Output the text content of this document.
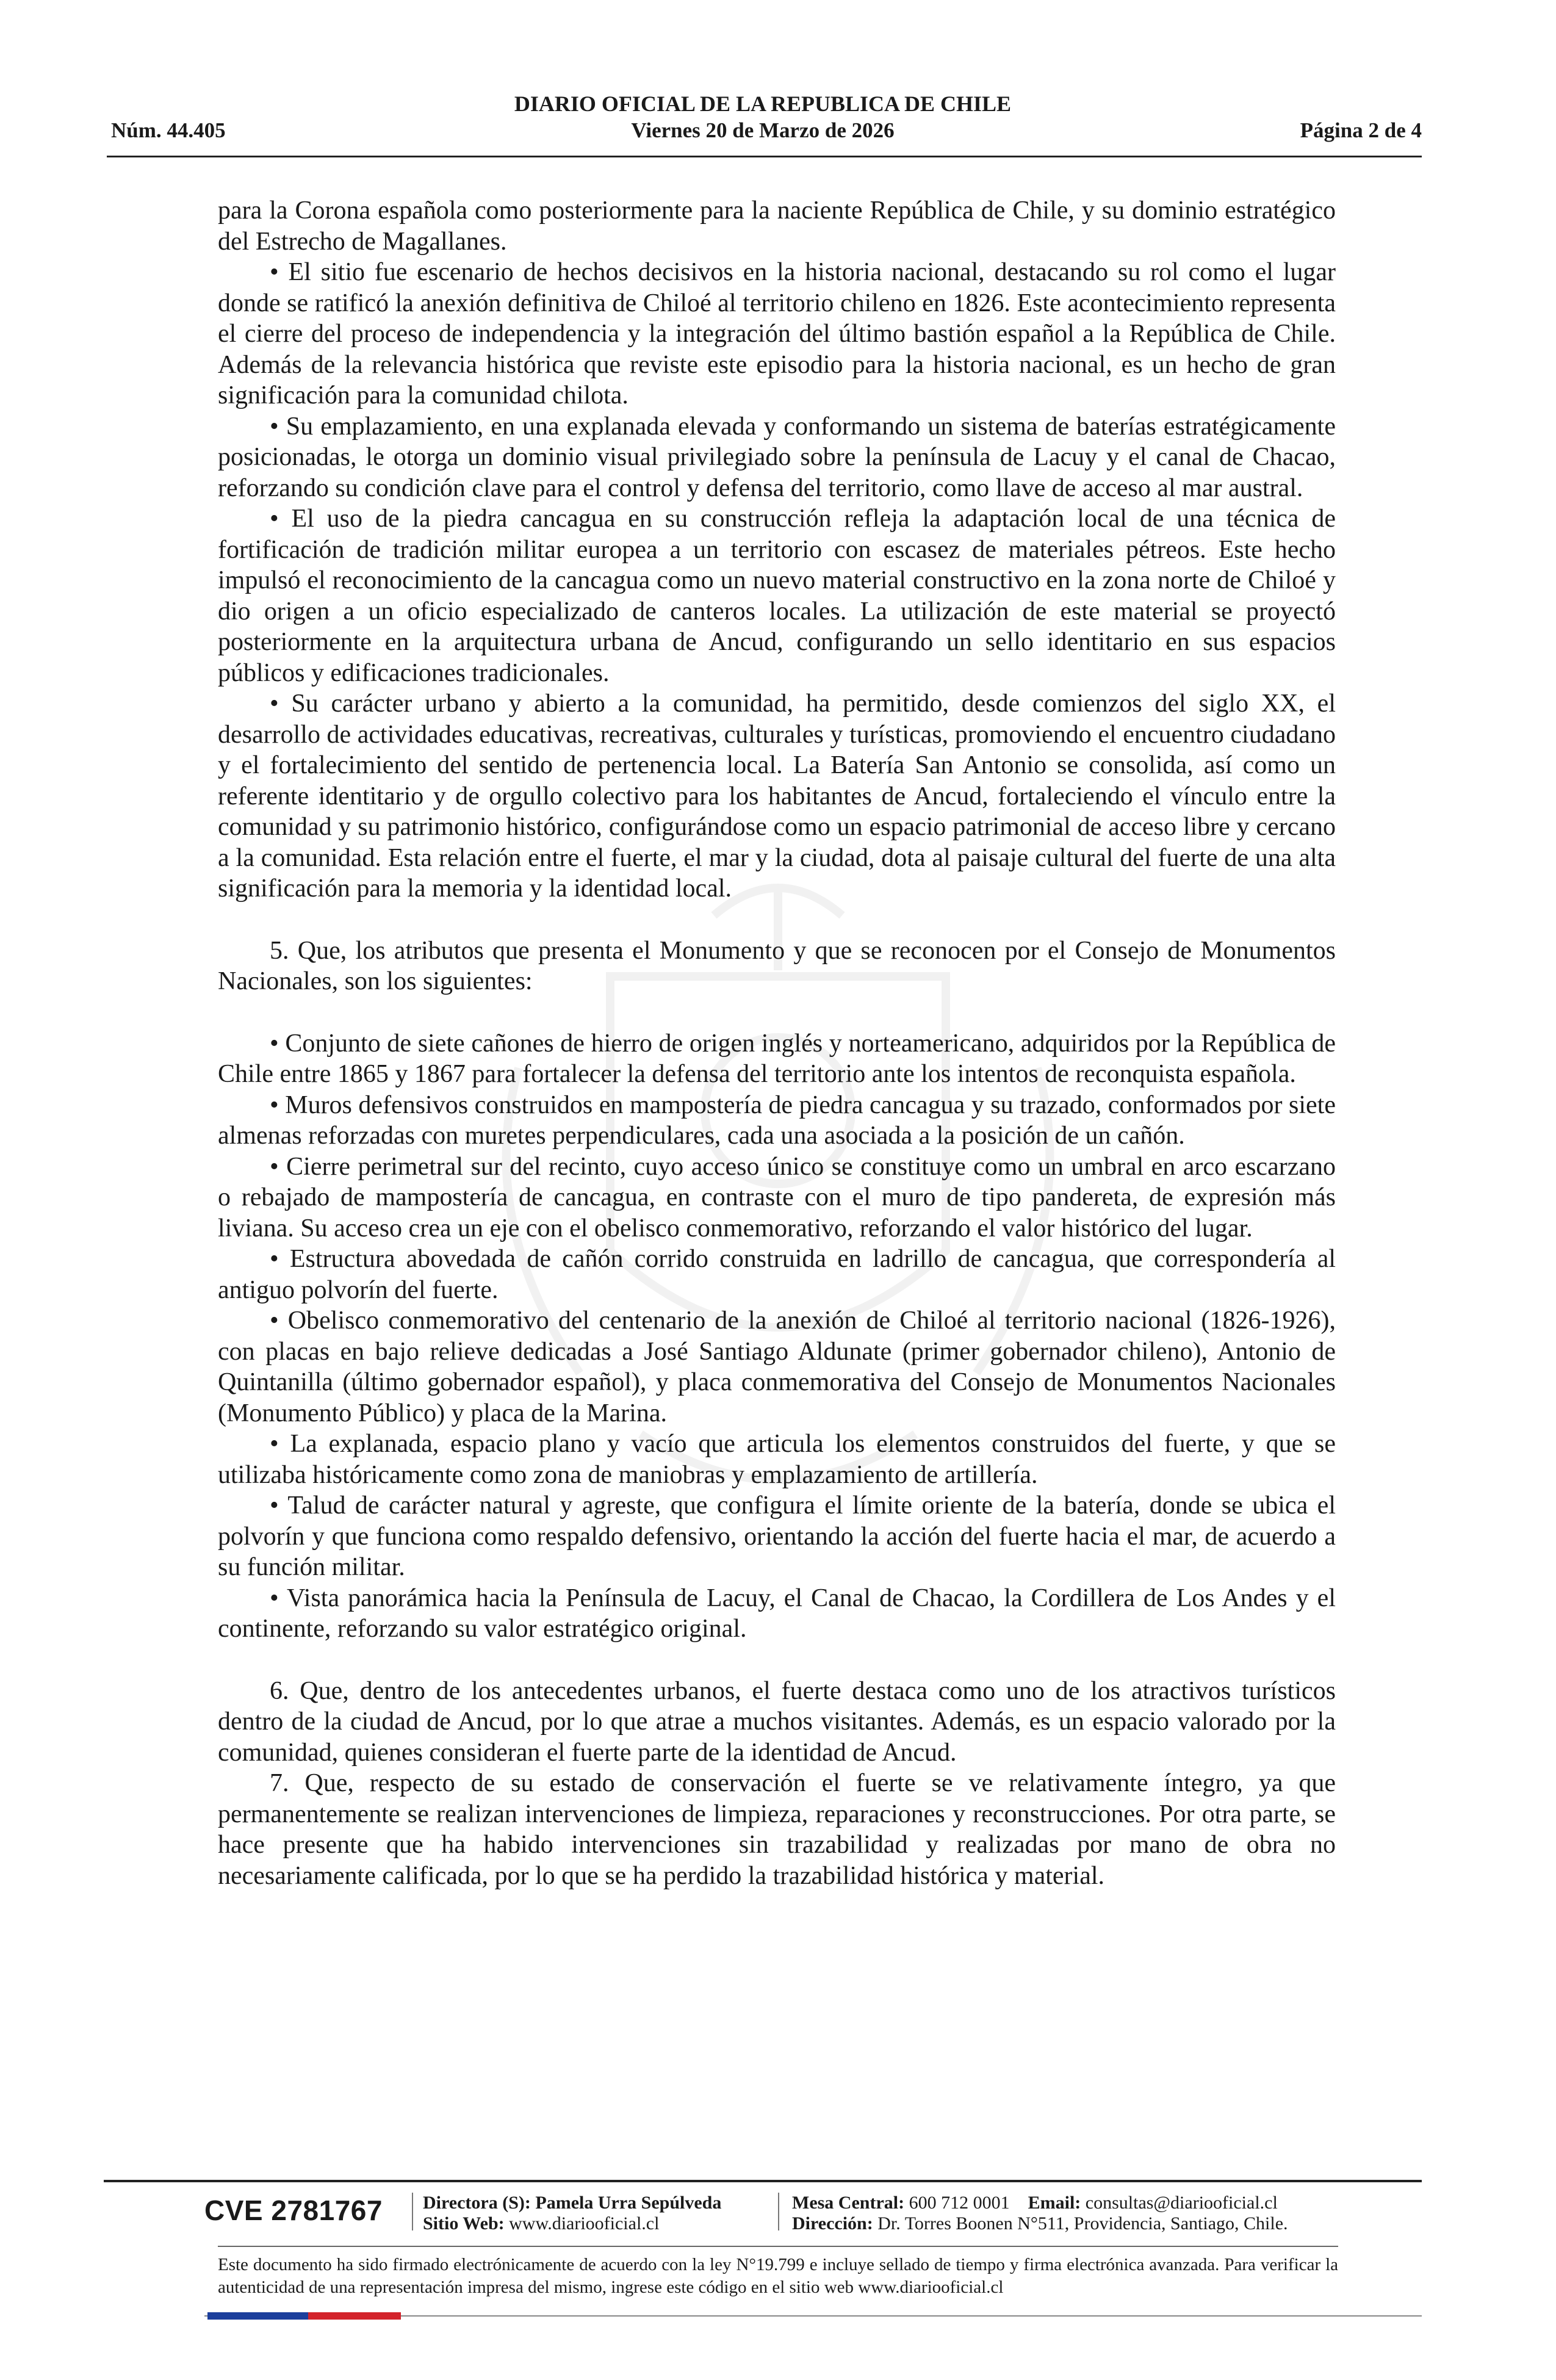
DIARIO OFICIAL DE LA REPUBLICA DE CHILE
Núm. 44.405	Viernes 20 de Marzo de 2026	Página 2 de 4

para la Corona española como posteriormente para la naciente República de Chile, y su dominio estratégico del Estrecho de Magallanes.

• El sitio fue escenario de hechos decisivos en la historia nacional, destacando su rol como el lugar donde se ratificó la anexión definitiva de Chiloé al territorio chileno en 1826. Este acontecimiento representa el cierre del proceso de independencia y la integración del último bastión español a la República de Chile. Además de la relevancia histórica que reviste este episodio para la historia nacional, es un hecho de gran significación para la comunidad chilota.

• Su emplazamiento, en una explanada elevada y conformando un sistema de baterías estratégicamente posicionadas, le otorga un dominio visual privilegiado sobre la península de Lacuy y el canal de Chacao, reforzando su condición clave para el control y defensa del territorio, como llave de acceso al mar austral.

• El uso de la piedra cancagua en su construcción refleja la adaptación local de una técnica de fortificación de tradición militar europea a un territorio con escasez de materiales pétreos. Este hecho impulsó el reconocimiento de la cancagua como un nuevo material constructivo en la zona norte de Chiloé y dio origen a un oficio especializado de canteros locales. La utilización de este material se proyectó posteriormente en la arquitectura urbana de Ancud, configurando un sello identitario en sus espacios públicos y edificaciones tradicionales.

• Su carácter urbano y abierto a la comunidad, ha permitido, desde comienzos del siglo XX, el desarrollo de actividades educativas, recreativas, culturales y turísticas, promoviendo el encuentro ciudadano y el fortalecimiento del sentido de pertenencia local. La Batería San Antonio se consolida, así como un referente identitario y de orgullo colectivo para los habitantes de Ancud, fortaleciendo el vínculo entre la comunidad y su patrimonio histórico, configurándose como un espacio patrimonial de acceso libre y cercano a la comunidad. Esta relación entre el fuerte, el mar y la ciudad, dota al paisaje cultural del fuerte de una alta significación para la memoria y la identidad local.

5. Que, los atributos que presenta el Monumento y que se reconocen por el Consejo de Monumentos Nacionales, son los siguientes:

• Conjunto de siete cañones de hierro de origen inglés y norteamericano, adquiridos por la República de Chile entre 1865 y 1867 para fortalecer la defensa del territorio ante los intentos de reconquista española.

• Muros defensivos construidos en mampostería de piedra cancagua y su trazado, conformados por siete almenas reforzadas con muretes perpendiculares, cada una asociada a la posición de un cañón.

• Cierre perimetral sur del recinto, cuyo acceso único se constituye como un umbral en arco escarzano o rebajado de mampostería de cancagua, en contraste con el muro de tipo pandereta, de expresión más liviana. Su acceso crea un eje con el obelisco conmemorativo, reforzando el valor histórico del lugar.

• Estructura abovedada de cañón corrido construida en ladrillo de cancagua, que correspondería al antiguo polvorín del fuerte.

• Obelisco conmemorativo del centenario de la anexión de Chiloé al territorio nacional (1826-1926), con placas en bajo relieve dedicadas a José Santiago Aldunate (primer gobernador chileno), Antonio de Quintanilla (último gobernador español), y placa conmemorativa del Consejo de Monumentos Nacionales (Monumento Público) y placa de la Marina.

• La explanada, espacio plano y vacío que articula los elementos construidos del fuerte, y que se utilizaba históricamente como zona de maniobras y emplazamiento de artillería.

• Talud de carácter natural y agreste, que configura el límite oriente de la batería, donde se ubica el polvorín y que funciona como respaldo defensivo, orientando la acción del fuerte hacia el mar, de acuerdo a su función militar.

• Vista panorámica hacia la Península de Lacuy, el Canal de Chacao, la Cordillera de Los Andes y el continente, reforzando su valor estratégico original.

6. Que, dentro de los antecedentes urbanos, el fuerte destaca como uno de los atractivos turísticos dentro de la ciudad de Ancud, por lo que atrae a muchos visitantes. Además, es un espacio valorado por la comunidad, quienes consideran el fuerte parte de la identidad de Ancud.

7. Que, respecto de su estado de conservación el fuerte se ve relativamente íntegro, ya que permanentemente se realizan intervenciones de limpieza, reparaciones y reconstrucciones. Por otra parte, se hace presente que ha habido intervenciones sin trazabilidad y realizadas por mano de obra no necesariamente calificada, por lo que se ha perdido la trazabilidad histórica y material.

CVE 2781767 Directora (S): Pamela Urra Sepúlveda
Sitio Web: www.diariooficial.cl
Mesa Central: 600 712 0001 Email: consultas@diariooficial.cl
Dirección: Dr. Torres Boonen N°511, Providencia, Santiago, Chile.
Este documento ha sido firmado electrónicamente de acuerdo con la ley N°19.799 e incluye sellado de tiempo y firma electrónica avanzada. Para verificar la autenticidad de una representación impresa del mismo, ingrese este código en el sitio web www.diariooficial.cl
